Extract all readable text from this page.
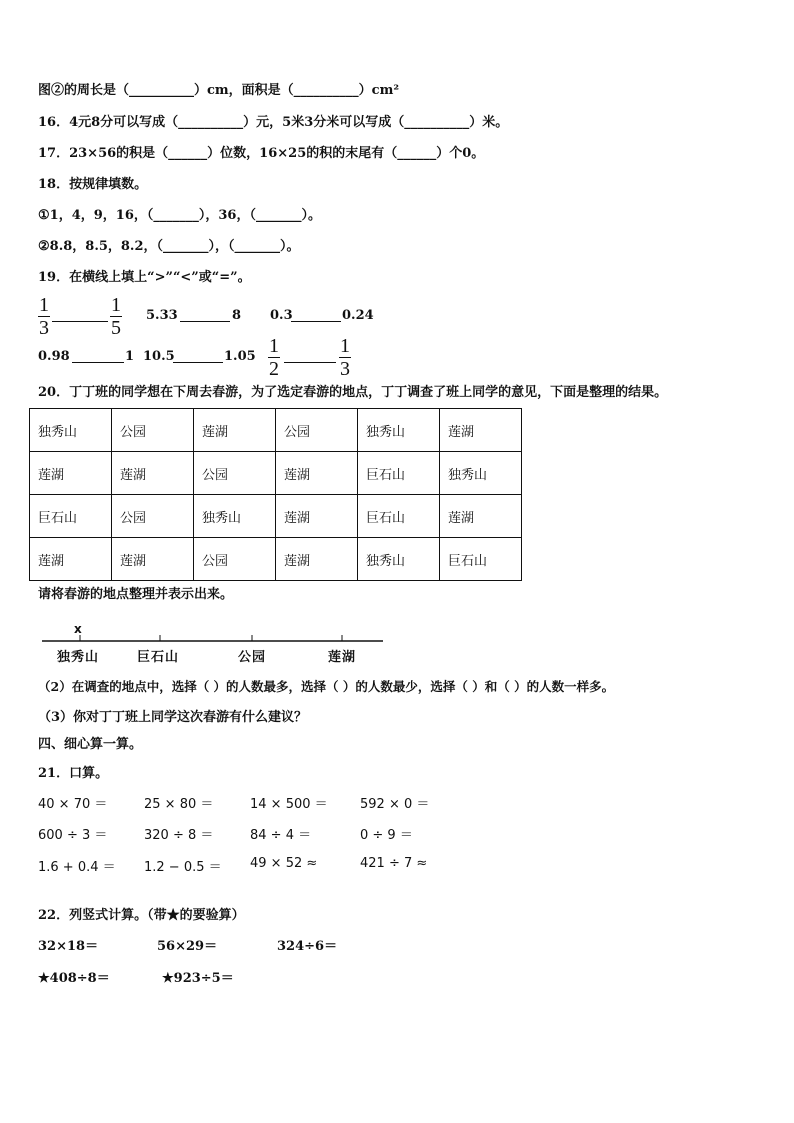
图②的周长是（__________）cm，面积是（__________）cm²
16．4元8分可以写成（__________）元，5米3分米可以写成（__________）米。
17．23×56的积是（______）位数，16×25的积的末尾有（______）个0。
18．按规律填数。
①1，4，9，16，（_______），36，（_______）。
②8.8，8.5，8.2，（_______），（_______）。
19．在横线上填上“>”“<”或“=”。
1
3
1
5
5.33	8 0.3	0.24
0.98	1 10.5	1.05 1
2
1
3
20．丁丁班的同学想在下周去春游，为了选定春游的地点，丁丁调查了班上同学的意见，下面是整理的结果。
独秀山	公园	莲湖	公园	独秀山	莲湖
莲湖	莲湖	公园	莲湖	巨石山	独秀山
巨石山	公园	独秀山	莲湖	巨石山	莲湖
莲湖	莲湖	公园	莲湖	独秀山	巨石山
请将春游的地点整理并表示出来。
x
独秀山	巨石山	公园	莲湖
（2）在调查的地点中，选择（ ）的人数最多，选择（ ）的人数最少，选择（ ）和（ ）的人数一样多。
（3）你对丁丁班上同学这次春游有什么建议？
四、细心算一算。
21．口算。
40 × 70 ＝	25 × 80 ＝	14 × 500 ＝ 592 × 0 ＝
600 ÷ 3 ＝	320 ÷ 8 ＝	84 ÷ 4 ＝	0 ÷ 9 ＝
1.6 + 0.4 ＝ 1.2 − 0.5 ＝ 49 × 52 ≈	421 ÷ 7 ≈
22．列竖式计算。（带★的要验算）
32×18＝	56×29＝	324÷6＝
★408÷8＝	★923÷5＝
